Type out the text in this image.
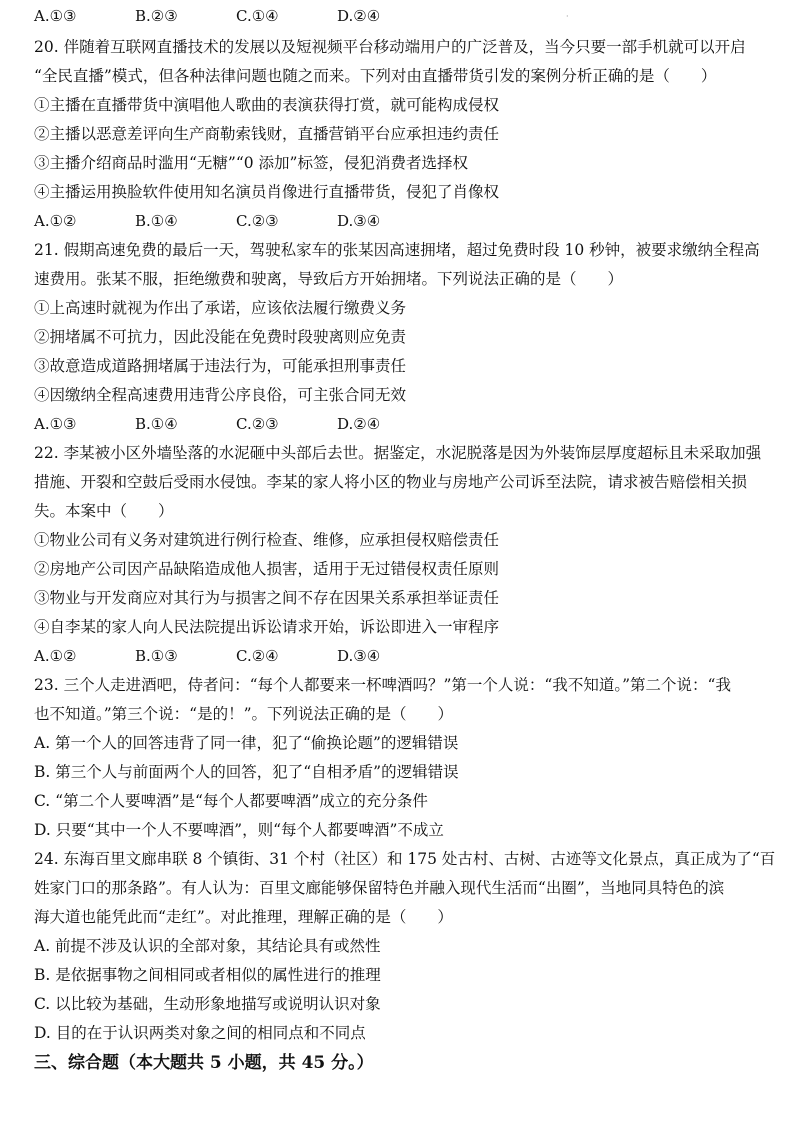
·
A.①③	B.②③	C.①④	D.②④
20. 伴随着互联网直播技术的发展以及短视频平台移动端用户的广泛普及，当今只要一部手机就可以开启
“全民直播”模式，但各种法律问题也随之而来。下列对由直播带货引发的案例分析正确的是（　　）
①主播在直播带货中演唱他人歌曲的表演获得打赏，就可能构成侵权
②主播以恶意差评向生产商勒索钱财，直播营销平台应承担违约责任
③主播介绍商品时滥用“无糖”“0 添加”标签，侵犯消费者选择权
④主播运用换脸软件使用知名演员肖像进行直播带货，侵犯了肖像权
A.①②	B.①④	C.②③	D.③④
21. 假期高速免费的最后一天，驾驶私家车的张某因高速拥堵，超过免费时段 10 秒钟，被要求缴纳全程高
速费用。张某不服，拒绝缴费和驶离，导致后方开始拥堵。下列说法正确的是（　　）
①上高速时就视为作出了承诺，应该依法履行缴费义务
②拥堵属不可抗力，因此没能在免费时段驶离则应免责
③故意造成道路拥堵属于违法行为，可能承担刑事责任
④因缴纳全程高速费用违背公序良俗，可主张合同无效
A.①③	B.①④	C.②③	D.②④
22. 李某被小区外墙坠落的水泥砸中头部后去世。据鉴定，水泥脱落是因为外装饰层厚度超标且未采取加强
措施、开裂和空鼓后受雨水侵蚀。李某的家人将小区的物业与房地产公司诉至法院，请求被告赔偿相关损
失。本案中（　　）
①物业公司有义务对建筑进行例行检查、维修，应承担侵权赔偿责任
②房地产公司因产品缺陷造成他人损害，适用于无过错侵权责任原则
③物业与开发商应对其行为与损害之间不存在因果关系承担举证责任
④自李某的家人向人民法院提出诉讼请求开始，诉讼即进入一审程序
A.①②	B.①③	C.②④	D.③④
23. 三个人走进酒吧，侍者问：“每个人都要来一杯啤酒吗？”第一个人说：“我不知道。”第二个说：“我
也不知道。”第三个说：“是的！”。下列说法正确的是（　　）
A. 第一个人的回答违背了同一律，犯了“偷换论题”的逻辑错误
B. 第三个人与前面两个人的回答，犯了“自相矛盾”的逻辑错误
C. “第二个人要啤酒”是“每个人都要啤酒”成立的充分条件
D. 只要“其中一个人不要啤酒”，则“每个人都要啤酒”不成立
24. 东海百里文廊串联 8 个镇街、31 个村（社区）和 175 处古村、古树、古迹等文化景点，真正成为了“百
姓家门口的那条路”。有人认为：百里文廊能够保留特色并融入现代生活而“出圈”，当地同具特色的滨
海大道也能凭此而“走红”。对此推理，理解正确的是（　　）
A. 前提不涉及认识的全部对象，其结论具有或然性
B. 是依据事物之间相同或者相似的属性进行的推理
C. 以比较为基础，生动形象地描写或说明认识对象
D. 目的在于认识两类对象之间的相同点和不同点
三、综合题（本大题共 5 小题，共 45 分。）
